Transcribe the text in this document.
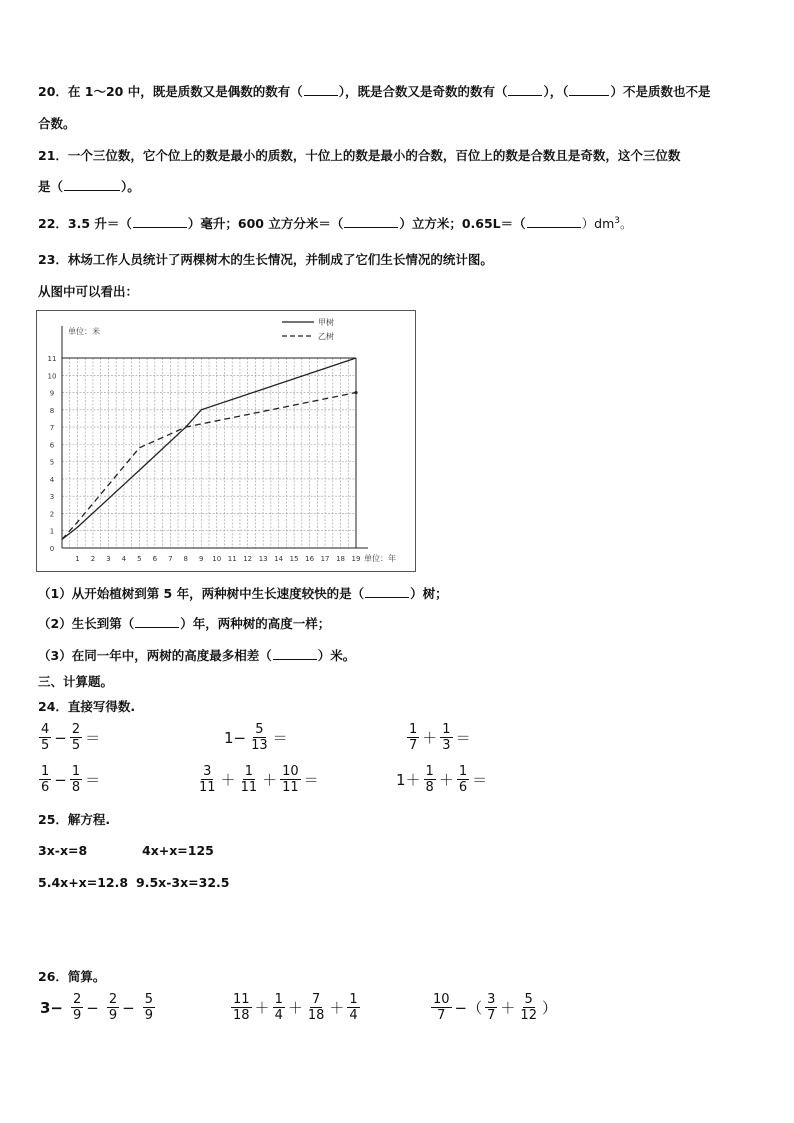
20．在 1～20 中，既是质数又是偶数的数有（	），既是合数又是奇数的数有（	），（	）不是质数也不是
合数。
21．一个三位数，它个位上的数是最小的质数，十位上的数是最小的合数，百位上的数是合数且是奇数，这个三位数
是（	）。
22．3.5 升＝（	）毫升；600 立方分米＝（	）立方米；0.65L＝（	）$dm^3$。
23．林场工作人员统计了两棵树木的生长情况，并制成了它们生长情况的统计图。
从图中可以看出：
1 2 3 4 5 6 7 8 9 10 11 12 13 14 15 16 17 18 19
0
1
2
3
4
5
6
7
8
9
10
11
单位：米
单位：年
甲树
乙树
（1）从开始植树到第 5 年，两种树中生长速度较快的是（	）树；
（2）生长到第（	）年，两种树的高度一样；
（3）在同一年中，两树的高度最多相差（	）米。
三、计算题。
24．直接写得数.
$\frac{4}{5} - \frac{2}{5}$ ＝	$1- \frac{5}{13}$ ＝	$\frac{1}{7} + \frac{1}{3}$ ＝
$\frac{1}{6} - \frac{1}{8}$ ＝	$\frac{3}{11} + \frac{1}{11} + \frac{10}{11}$ ＝	$1+ \frac{1}{8} + \frac{1}{6}$ ＝
25．解方程.
3x-x=8	4x+x=125
5.4x+x=12.8 9.5x-3x=32.5
26．简算。
$3- \frac{2}{9} - \frac{2}{9} - \frac{5}{9}$	$\frac{11}{18} + \frac{1}{4} + \frac{7}{18} + \frac{1}{4}$	$\frac{10}{7}$ −（ $\frac{3}{7} + \frac{5}{12}$ ）
